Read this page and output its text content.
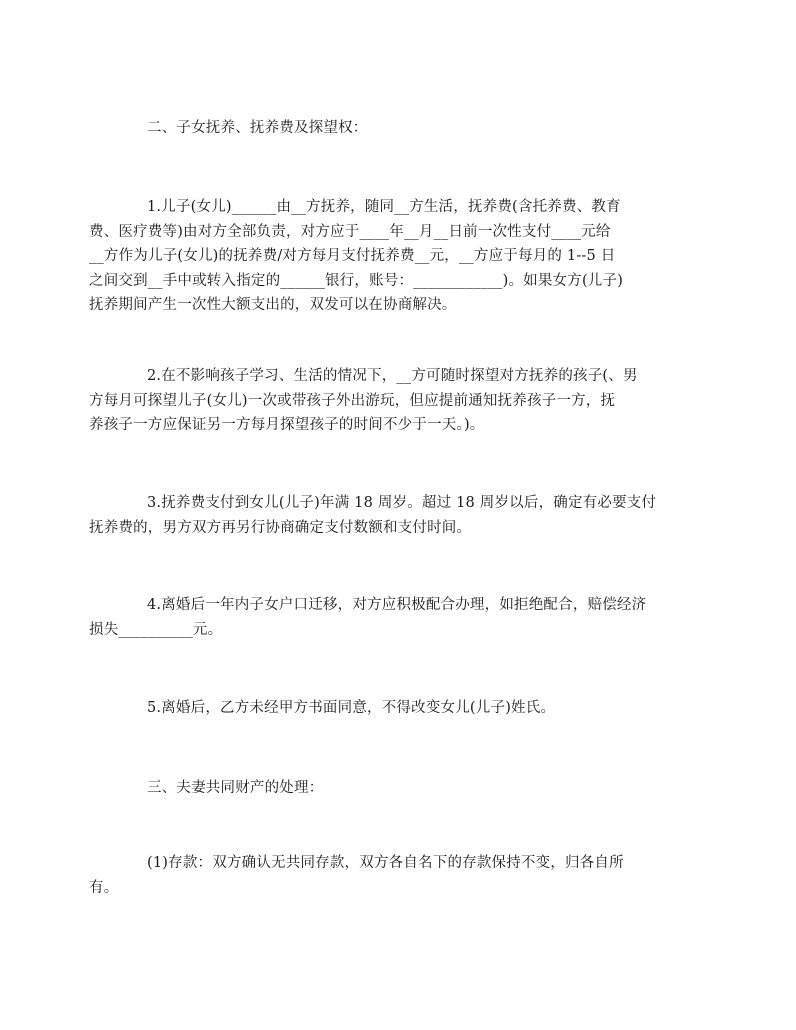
二、子女抚养、抚养费及探望权：

1.儿子(女儿)______由__方抚养，随同__方生活，抚养费(含托养费、教育
费、医疗费等)由对方全部负责，对方应于____年__月__日前一次性支付____元给
__方作为儿子(女儿)的抚养费/对方每月支付抚养费__元，__方应于每月的 1--5 日
之间交到__手中或转入指定的______银行，账号：____________)。如果女方(儿子)
抚养期间产生一次性大额支出的，双发可以在协商解决。

2.在不影响孩子学习、生活的情况下，__方可随时探望对方抚养的孩子(、男
方每月可探望儿子(女儿)一次或带孩子外出游玩，但应提前通知抚养孩子一方，抚
养孩子一方应保证另一方每月探望孩子的时间不少于一天。)。

3.抚养费支付到女儿(儿子)年满 18 周岁。超过 18 周岁以后，确定有必要支付
抚养费的，男方双方再另行协商确定支付数额和支付时间。

4.离婚后一年内子女户口迁移，对方应积极配合办理，如拒绝配合，赔偿经济
损失__________元。

5.离婚后，乙方未经甲方书面同意，不得改变女儿(儿子)姓氏。

三、夫妻共同财产的处理：

(1)存款：双方确认无共同存款，双方各自名下的存款保持不变，归各自所
有。
